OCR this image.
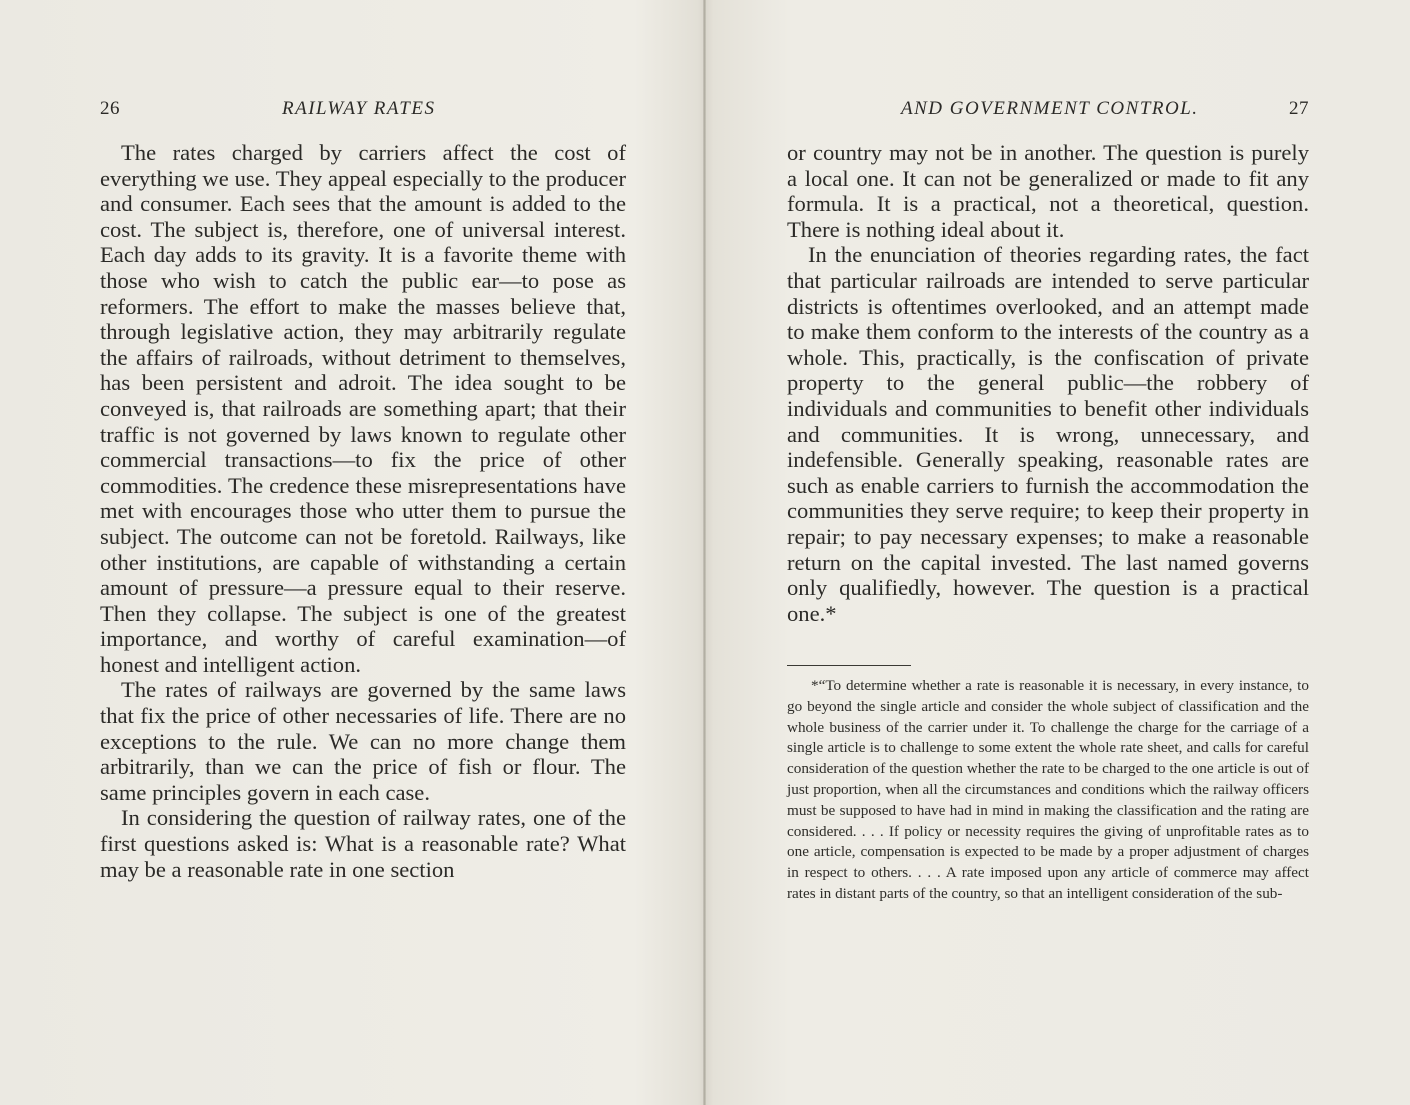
26	RAILWAY RATES

The rates charged by carriers affect the cost of everything we use. They appeal especially to the producer and consumer. Each sees that the amount is added to the cost. The subject is, therefore, one of universal interest. Each day adds to its gravity. It is a favorite theme with those who wish to catch the public ear—to pose as reformers. The effort to make the masses believe that, through legislative action, they may arbitrarily regulate the affairs of railroads, without detriment to themselves, has been persistent and adroit. The idea sought to be conveyed is, that railroads are something apart; that their traffic is not governed by laws known to regulate other commercial transactions—to fix the price of other commodities. The credence these misrepresentations have met with encourages those who utter them to pursue the subject. The outcome can not be foretold. Railways, like other institutions, are capable of withstanding a certain amount of pressure—a pressure equal to their reserve. Then they collapse. The subject is one of the greatest importance, and worthy of careful examination—of honest and intelligent action.

The rates of railways are governed by the same laws that fix the price of other necessaries of life. There are no exceptions to the rule. We can no more change them arbitrarily, than we can the price of fish or flour. The same principles govern in each case.

In considering the question of railway rates, one of the first questions asked is: What is a reasonable rate? What may be a reasonable rate in one section

AND GOVERNMENT CONTROL.	27

or country may not be in another. The question is purely a local one. It can not be generalized or made to fit any formula. It is a practical, not a theoretical, question. There is nothing ideal about it.

In the enunciation of theories regarding rates, the fact that particular railroads are intended to serve particular districts is oftentimes overlooked, and an attempt made to make them conform to the interests of the country as a whole. This, practically, is the confiscation of private property to the general public—the robbery of individuals and communities to benefit other individuals and communities. It is wrong, unnecessary, and indefensible. Generally speaking, reasonable rates are such as enable carriers to furnish the accommodation the communities they serve require; to keep their property in repair; to pay necessary expenses; to make a reasonable return on the capital invested. The last named governs only qualifiedly, however. The question is a practical one.*

*“To determine whether a rate is reasonable it is necessary, in every instance, to go beyond the single article and consider the whole subject of classification and the whole business of the carrier under it. To challenge the charge for the carriage of a single article is to challenge to some extent the whole rate sheet, and calls for careful consideration of the question whether the rate to be charged to the one article is out of just proportion, when all the circumstances and conditions which the railway officers must be supposed to have had in mind in making the classification and the rating are considered. . . . If policy or necessity requires the giving of unprofitable rates as to one article, compensation is expected to be made by a proper adjustment of charges in respect to others. . . . A rate imposed upon any article of commerce may affect rates in distant parts of the country, so that an intelligent consideration of the sub-
